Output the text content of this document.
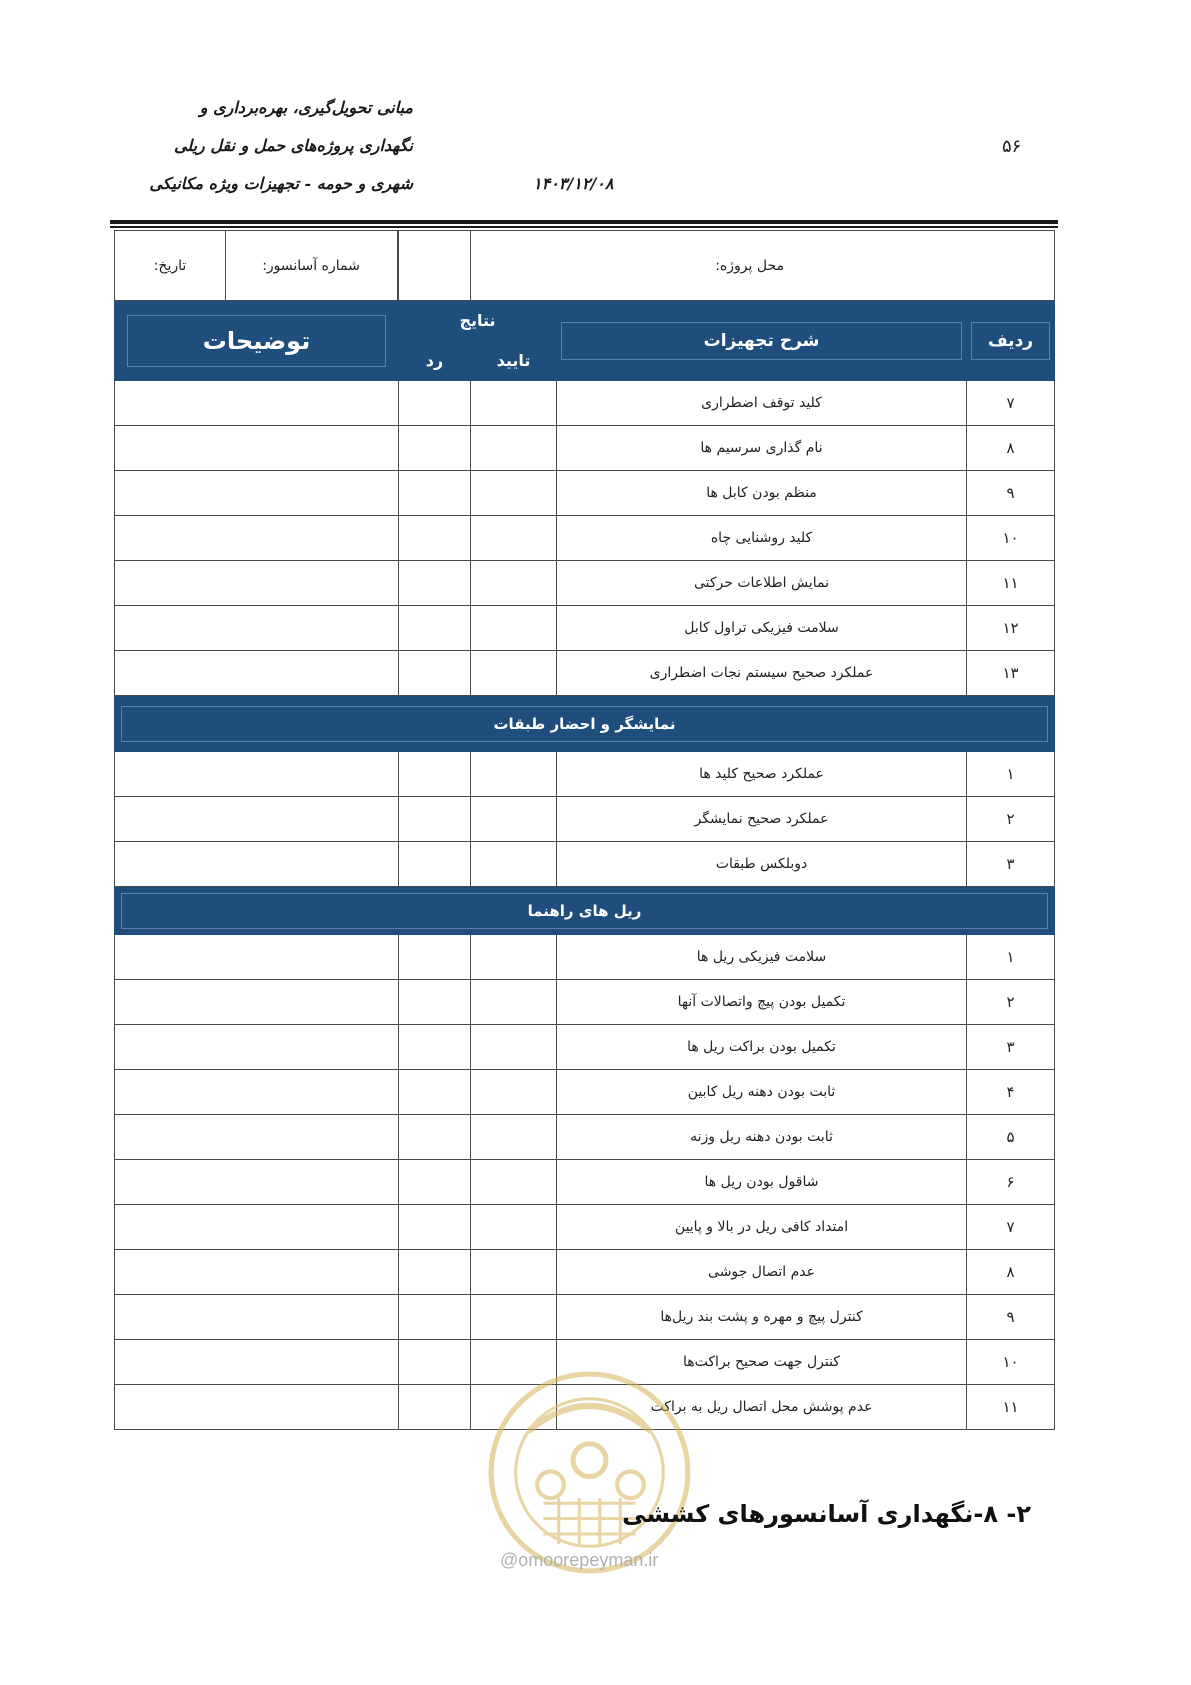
مبانی تحویل‌گیری، بهره‌برداری و
نگهداری پروژه‌های حمل و نقل ریلی
شهری و حومه - تجهیزات ویژه مکانیکی	۱۴۰۳/۱۲/۰۸
۵۶
محل پروژه:				شماره آسانسور:
تاریخ:

ردیف	شرح تجهیزات	نتایج		توضیحات

		تایید	رد	
۷	کلید توقف اضطراری			
۸	نام گذاری سرسیم ها			
۹	منظم بودن کابل ها			
۱۰	کلید روشنایی چاه			
۱۱	نمایش اطلاعات حرکتی			
۱۲	سلامت فیزیکی تراول کابل			
۱۳	عملکرد صحیح سیستم نجات اضطراری			

نمایشگر و احضار طبقات				

۱	عملکرد صحیح کلید ها			
۲	عملکرد صحیح نمایشگر			
۳	دوبلکس طبقات			

ریل های راهنما				

۱	سلامت فیزیکی ریل ها			
۲	تکمیل بودن پیچ واتصالات آنها			
۳	تکمیل بودن براکت ریل ها			
۴	ثابت بودن دهنه ریل کابین			
۵	ثابت بودن دهنه ریل وزنه			
۶	شاقول بودن ریل ها			
۷	امتداد کافی ریل در بالا و پایین			
۸	عدم اتصال جوشی			
۹	کنترل پیچ و مهره و پشت بند ریل‌ها			
۱۰	کنترل جهت صحیح براکت‌ها			
۱۱	عدم پوشش محل اتصال ریل به براکت			
۲- ۸-نگهداری آسانسورهای کششی
@omoorepeyman.ir
